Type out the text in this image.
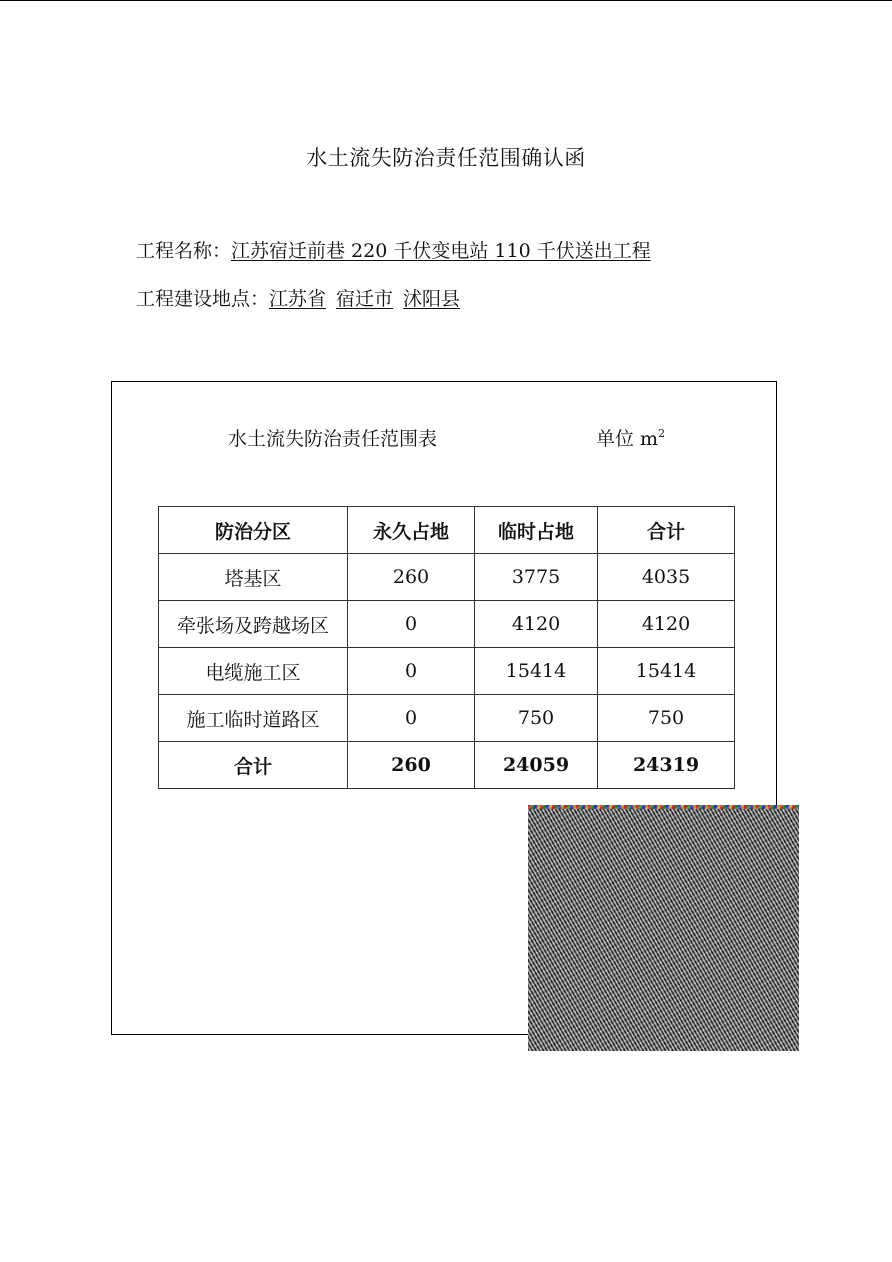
水土流失防治责任范围确认函
工程名称：江苏宿迁前巷 220 千伏变电站 110 千伏送出工程
工程建设地点：江苏省 宿迁市 沭阳县
水土流失防治责任范围表	单位 $m^2$
防治分区	永久占地	临时占地	合计
塔基区	260	3775	4035
牵张场及跨越场区	0	4120	4120
电缆施工区	0	15414	15414
施工临时道路区	0	750	750
合计	260	24059	24319
